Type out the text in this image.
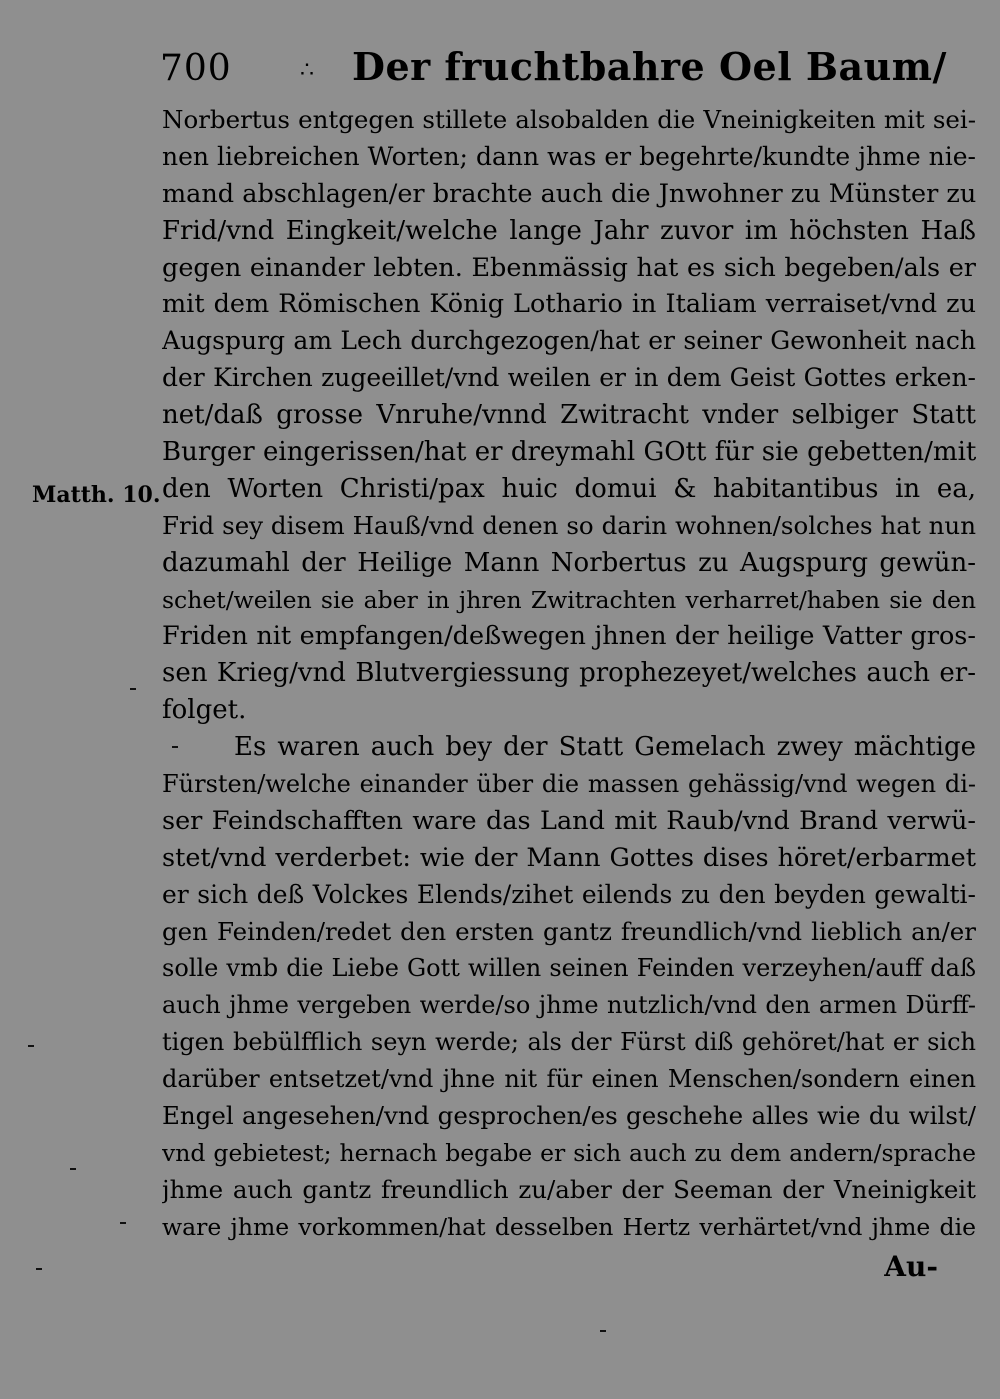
700	∴ Der fruchtbahre Oel Baum/
Matth. 10.
Norbertus entgegen stillete alsobalden die Vneinigkeiten mit sei-
nen liebreichen Worten; dann was er begehrte/kundte jhme nie-
mand abschlagen/er brachte auch die Jnwohner zu Münster zu
Frid/vnd Eingkeit/welche lange Jahr zuvor im höchsten Haß
gegen einander lebten. Ebenmässig hat es sich begeben/als er
mit dem Römischen König Lothario in Italiam verraiset/vnd zu
Augspurg am Lech durchgezogen/hat er seiner Gewonheit nach
der Kirchen zugeeillet/vnd weilen er in dem Geist Gottes erken-
net/daß grosse Vnruhe/vnnd Zwitracht vnder selbiger Statt
Burger eingerissen/hat er dreymahl GOtt für sie gebetten/mit
den Worten Christi/pax huic domui & habitantibus in ea,
Frid sey disem Hauß/vnd denen so darin wohnen/solches hat nun
dazumahl der Heilige Mann Norbertus zu Augspurg gewün-
schet/weilen sie aber in jhren Zwitrachten verharret/haben sie den
Friden nit empfangen/deßwegen jhnen der heilige Vatter gros-
sen Krieg/vnd Blutvergiessung prophezeyet/welches auch er-
folget.
Es waren auch bey der Statt Gemelach zwey mächtige
Fürsten/welche einander über die massen gehässig/vnd wegen di-
ser Feindschafften ware das Land mit Raub/vnd Brand verwü-
stet/vnd verderbet: wie der Mann Gottes dises höret/erbarmet
er sich deß Volckes Elends/zihet eilends zu den beyden gewalti-
gen Feinden/redet den ersten gantz freundlich/vnd lieblich an/er
solle vmb die Liebe Gott willen seinen Feinden verzeyhen/auff daß
auch jhme vergeben werde/so jhme nutzlich/vnd den armen Dürff-
tigen bebülfflich seyn werde; als der Fürst diß gehöret/hat er sich
darüber entsetzet/vnd jhne nit für einen Menschen/sondern einen
Engel angesehen/vnd gesprochen/es geschehe alles wie du wilst/
vnd gebietest; hernach begabe er sich auch zu dem andern/sprache
jhme auch gantz freundlich zu/aber der Seeman der Vneinigkeit
ware jhme vorkommen/hat desselben Hertz verhärtet/vnd jhme die
Au-
